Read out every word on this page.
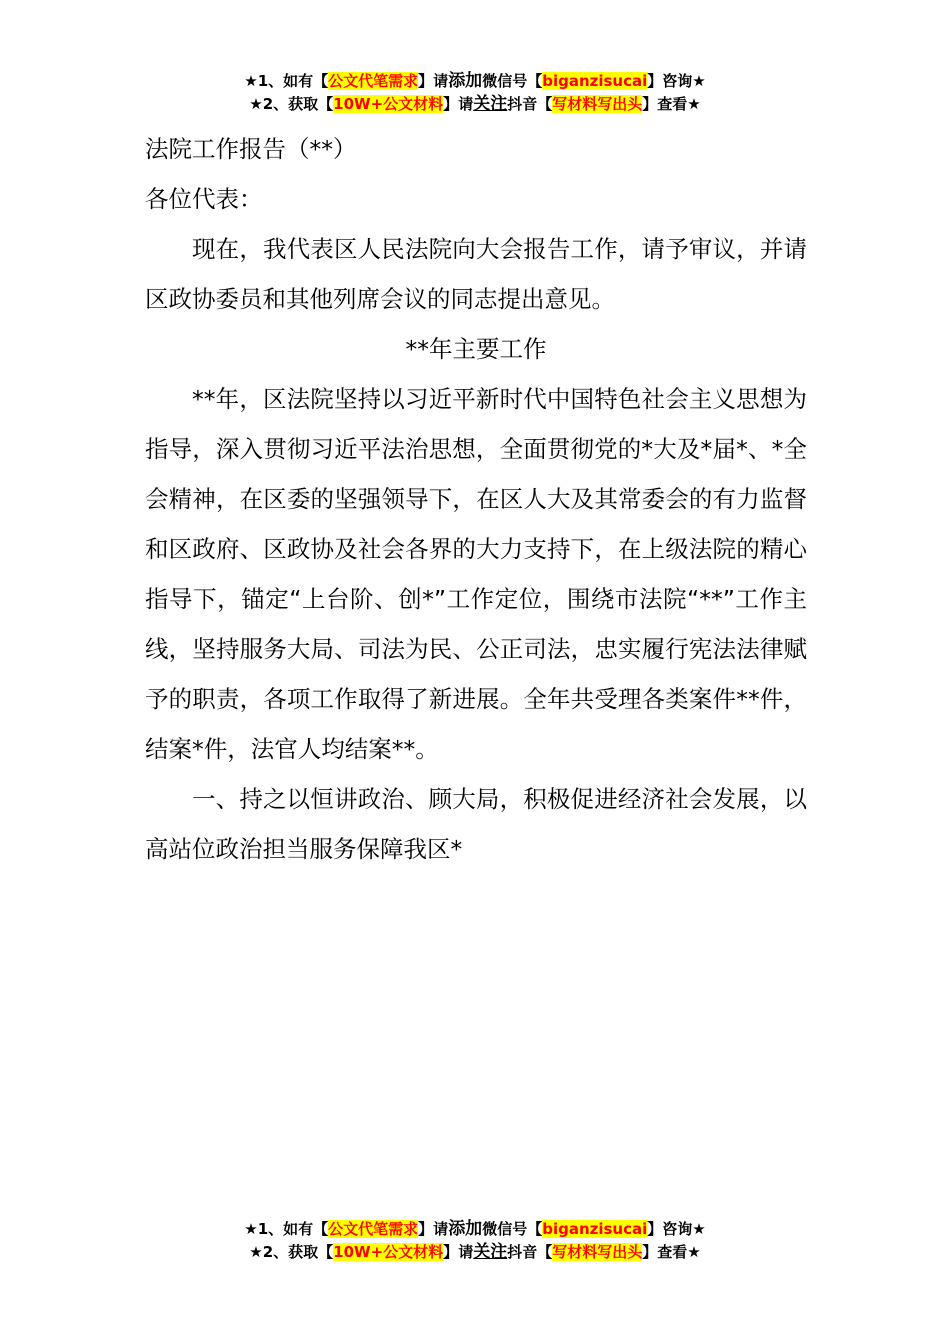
★1、如有【公文代笔需求】请添加微信号【biganzisucai】咨询★
★2、获取【10W+公文材料】请关注抖音【写材料写出头】查看★

法院工作报告（**）

各位代表：

现在，我代表区人民法院向大会报告工作，请予审议，并请区政协委员和其他列席会议的同志提出意见。

**年主要工作

**年，区法院坚持以习近平新时代中国特色社会主义思想为指导，深入贯彻习近平法治思想，全面贯彻党的*大及*届*、*全会精神，在区委的坚强领导下，在区人大及其常委会的有力监督和区政府、区政协及社会各界的大力支持下，在上级法院的精心指导下，锚定“上台阶、创*”工作定位，围绕市法院“**”工作主线，坚持服务大局、司法为民、公正司法，忠实履行宪法法律赋予的职责，各项工作取得了新进展。全年共受理各类案件**件，结案*件，法官人均结案**。

一、持之以恒讲政治、顾大局，积极促进经济社会发展，以高站位政治担当服务保障我区*

★1、如有【公文代笔需求】请添加微信号【biganzisucai】咨询★
★2、获取【10W+公文材料】请关注抖音【写材料写出头】查看★
